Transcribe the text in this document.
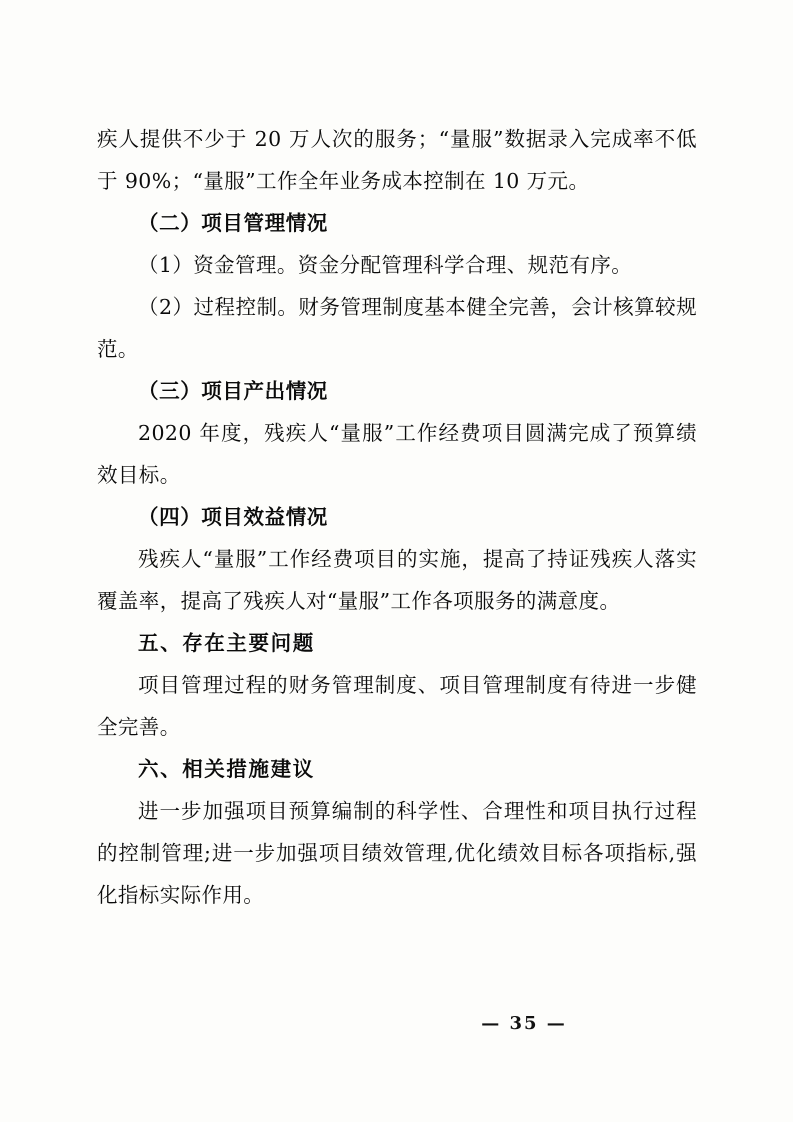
疾人提供不少于 20 万人次的服务；“量服”数据录入完成率不低于 90%；“量服”工作全年业务成本控制在 10 万元。

（二）项目管理情况

（1）资金管理。资金分配管理科学合理、规范有序。

（2）过程控制。财务管理制度基本健全完善，会计核算较规范。

（三）项目产出情况

2020 年度，残疾人“量服”工作经费项目圆满完成了预算绩效目标。

（四）项目效益情况

残疾人“量服”工作经费项目的实施，提高了持证残疾人落实覆盖率，提高了残疾人对“量服”工作各项服务的满意度。

五、存在主要问题

项目管理过程的财务管理制度、项目管理制度有待进一步健全完善。

六、相关措施建议

进一步加强项目预算编制的科学性、合理性和项目执行过程的控制管理;进一步加强项目绩效管理,优化绩效目标各项指标,强化指标实际作用。

— 35 —
